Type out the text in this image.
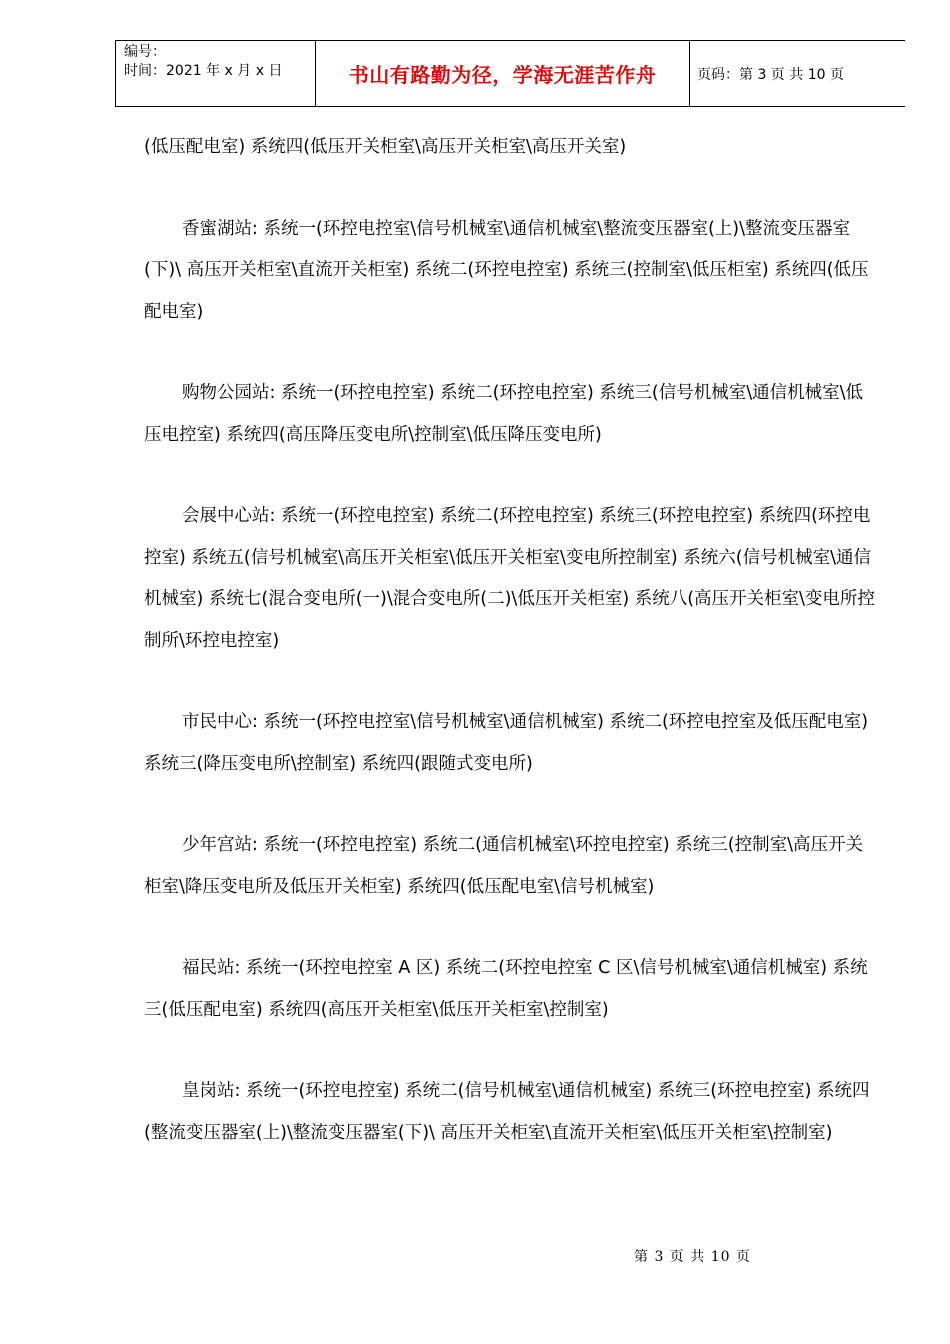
编号：
时间：2021 年 x 月 x 日	书山有路勤为径，学海无涯苦作舟	页码：第 3 页 共 10 页

(低压配电室) 系统四(低压开关柜室\高压开关柜室\高压开关室)

香蜜湖站: 系统一(环控电控室\信号机械室\通信机械室\整流变压器室(上)\整流变压器室(下)\ 高压开关柜室\直流开关柜室) 系统二(环控电控室) 系统三(控制室\低压柜室) 系统四(低压配电室)

购物公园站: 系统一(环控电控室) 系统二(环控电控室) 系统三(信号机械室\通信机械室\低压电控室) 系统四(高压降压变电所\控制室\低压降压变电所)

会展中心站: 系统一(环控电控室) 系统二(环控电控室) 系统三(环控电控室) 系统四(环控电控室) 系统五(信号机械室\高压开关柜室\低压开关柜室\变电所控制室) 系统六(信号机械室\通信机械室) 系统七(混合变电所(一)\混合变电所(二)\低压开关柜室) 系统八(高压开关柜室\变电所控制所\环控电控室)

市民中心: 系统一(环控电控室\信号机械室\通信机械室) 系统二(环控电控室及低压配电室) 系统三(降压变电所\控制室) 系统四(跟随式变电所)

少年宫站: 系统一(环控电控室) 系统二(通信机械室\环控电控室) 系统三(控制室\高压开关柜室\降压变电所及低压开关柜室) 系统四(低压配电室\信号机械室)

福民站: 系统一(环控电控室 A 区) 系统二(环控电控室 C 区\信号机械室\通信机械室) 系统三(低压配电室) 系统四(高压开关柜室\低压开关柜室\控制室)

皇岗站: 系统一(环控电控室) 系统二(信号机械室\通信机械室) 系统三(环控电控室) 系统四(整流变压器室(上)\整流变压器室(下)\ 高压开关柜室\直流开关柜室\低压开关柜室\控制室)

第 3 页 共 10 页
